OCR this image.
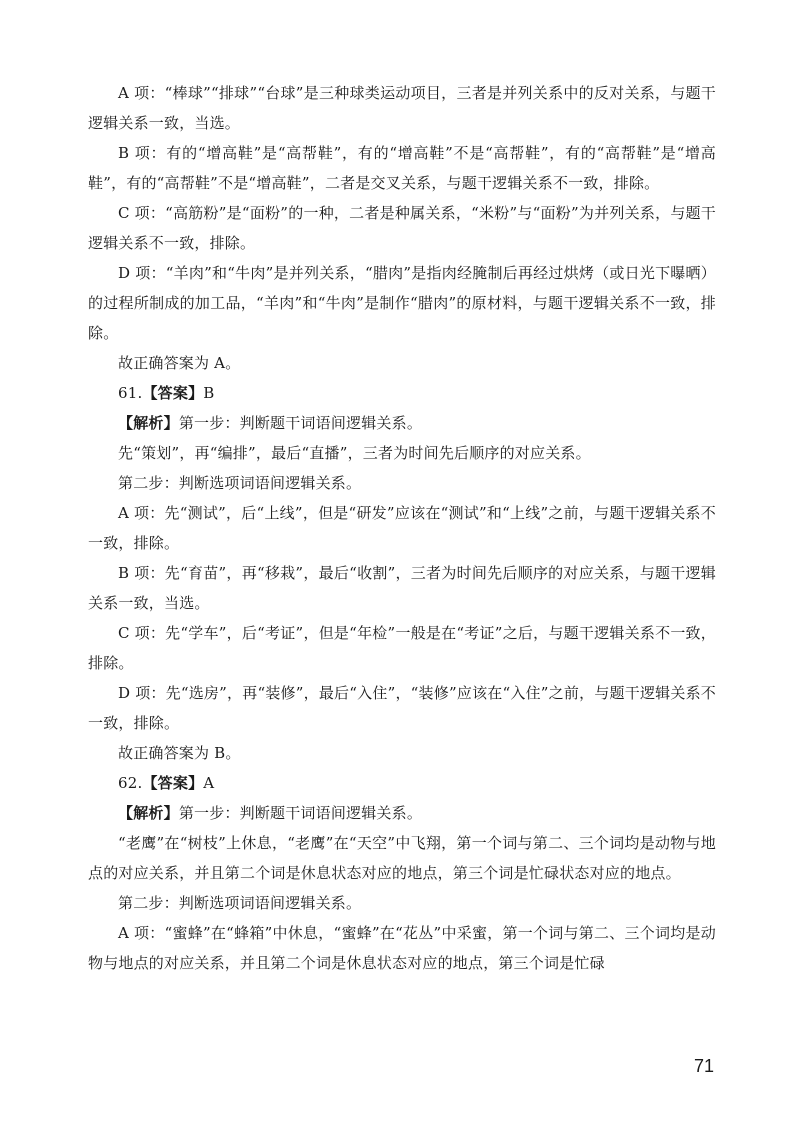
A 项：“棒球”“排球”“台球”是三种球类运动项目，三者是并列关系中的反对关系，与题干逻辑关系一致，当选。

B 项：有的“增高鞋”是“高帮鞋”，有的“增高鞋”不是“高帮鞋”，有的“高帮鞋”是“增高鞋”，有的“高帮鞋”不是“增高鞋”，二者是交叉关系，与题干逻辑关系不一致，排除。

C 项：“高筋粉”是“面粉”的一种，二者是种属关系，“米粉”与“面粉”为并列关系，与题干逻辑关系不一致，排除。

D 项：“羊肉”和“牛肉”是并列关系，“腊肉”是指肉经腌制后再经过烘烤（或日光下曝晒）的过程所制成的加工品，“羊肉”和“牛肉”是制作“腊肉”的原材料，与题干逻辑关系不一致，排除。

故正确答案为 A。

61.【答案】B

【解析】第一步：判断题干词语间逻辑关系。

先“策划”，再“编排”，最后“直播”，三者为时间先后顺序的对应关系。

第二步：判断选项词语间逻辑关系。

A 项：先“测试”，后“上线”，但是“研发”应该在“测试”和“上线”之前，与题干逻辑关系不一致，排除。

B 项：先“育苗”，再“移栽”，最后“收割”，三者为时间先后顺序的对应关系，与题干逻辑关系一致，当选。

C 项：先“学车”，后“考证”，但是“年检”一般是在“考证”之后，与题干逻辑关系不一致，排除。

D 项：先“选房”，再“装修”，最后“入住”，“装修”应该在“入住”之前，与题干逻辑关系不一致，排除。

故正确答案为 B。

62.【答案】A

【解析】第一步：判断题干词语间逻辑关系。

“老鹰”在“树枝”上休息，“老鹰”在“天空”中飞翔，第一个词与第二、三个词均是动物与地点的对应关系，并且第二个词是休息状态对应的地点，第三个词是忙碌状态对应的地点。

第二步：判断选项词语间逻辑关系。

A 项：“蜜蜂”在“蜂箱”中休息，“蜜蜂”在“花丛”中采蜜，第一个词与第二、三个词均是动物与地点的对应关系，并且第二个词是休息状态对应的地点，第三个词是忙碌

71
